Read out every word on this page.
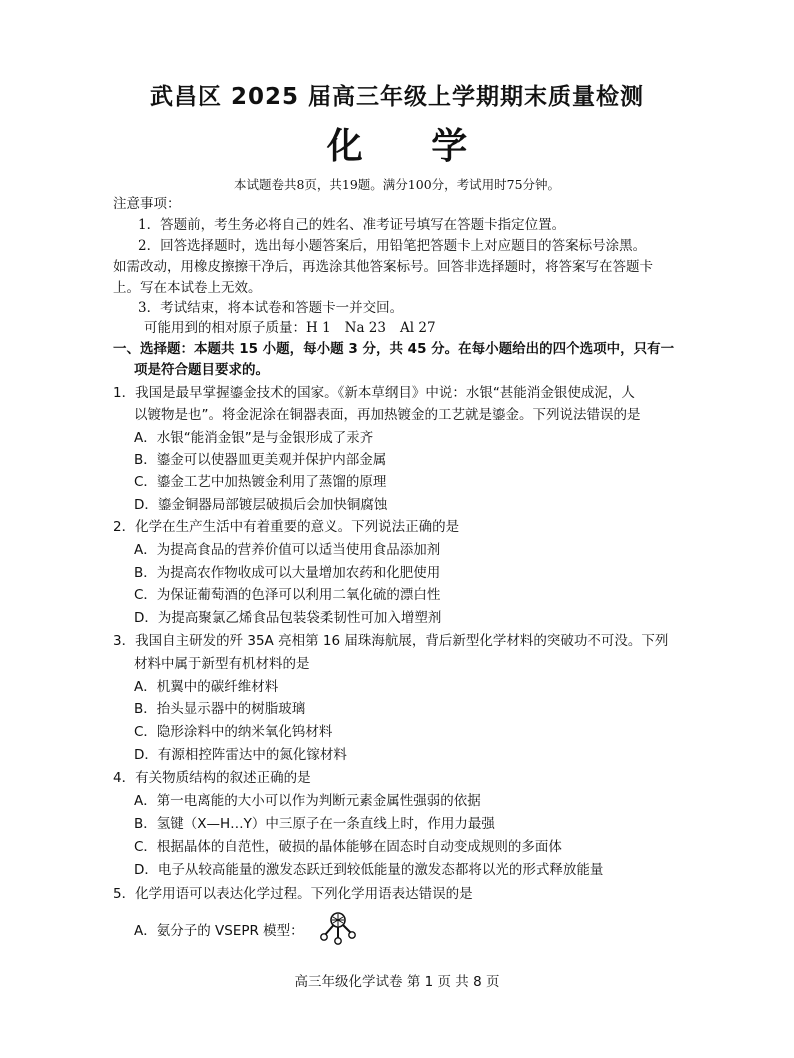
武昌区 2025 届高三年级上学期期末质量检测
化 学
本试题卷共8页，共19题。满分100分，考试用时75分钟。
注意事项：
1．答题前，考生务必将自己的姓名、准考证号填写在答题卡指定位置。
2．回答选择题时，选出每小题答案后，用铅笔把答题卡上对应题目的答案标号涂黑。
如需改动，用橡皮擦擦干净后，再选涂其他答案标号。回答非选择题时，将答案写在答题卡
上。写在本试卷上无效。
3．考试结束，将本试卷和答题卡一并交回。
可能用到的相对原子质量：H 1 Na 23 Al 27
一、选择题：本题共 15 小题，每小题 3 分，共 45 分。在每小题给出的四个选项中，只有一
项是符合题目要求的。
1．我国是最早掌握鎏金技术的国家。《新本草纲目》中说：水银“甚能消金银使成泥，人
以镀物是也”。将金泥涂在铜器表面，再加热镀金的工艺就是鎏金。下列说法错误的是
A．水银“能消金银”是与金银形成了汞齐
B．鎏金可以使器皿更美观并保护内部金属
C．鎏金工艺中加热镀金利用了蒸馏的原理
D．鎏金铜器局部镀层破损后会加快铜腐蚀
2．化学在生产生活中有着重要的意义。下列说法正确的是
A．为提高食品的营养价值可以适当使用食品添加剂
B．为提高农作物收成可以大量增加农药和化肥使用
C．为保证葡萄酒的色泽可以利用二氧化硫的漂白性
D．为提高聚氯乙烯食品包装袋柔韧性可加入增塑剂
3．我国自主研发的歼 35A 亮相第 16 届珠海航展，背后新型化学材料的突破功不可没。下列
材料中属于新型有机材料的是
A．机翼中的碳纤维材料
B．抬头显示器中的树脂玻璃
C．隐形涂料中的纳米氧化钨材料
D．有源相控阵雷达中的氮化镓材料
4．有关物质结构的叙述正确的是
A．第一电离能的大小可以作为判断元素金属性强弱的依据
B．氢键（X—H…Y）中三原子在一条直线上时，作用力最强
C．根据晶体的自范性，破损的晶体能够在固态时自动变成规则的多面体
D．电子从较高能量的激发态跃迁到较低能量的激发态都将以光的形式释放能量
5．化学用语可以表达化学过程。下列化学用语表达错误的是
A．氨分子的 VSEPR 模型：
高三年级化学试卷 第 1 页 共 8 页
